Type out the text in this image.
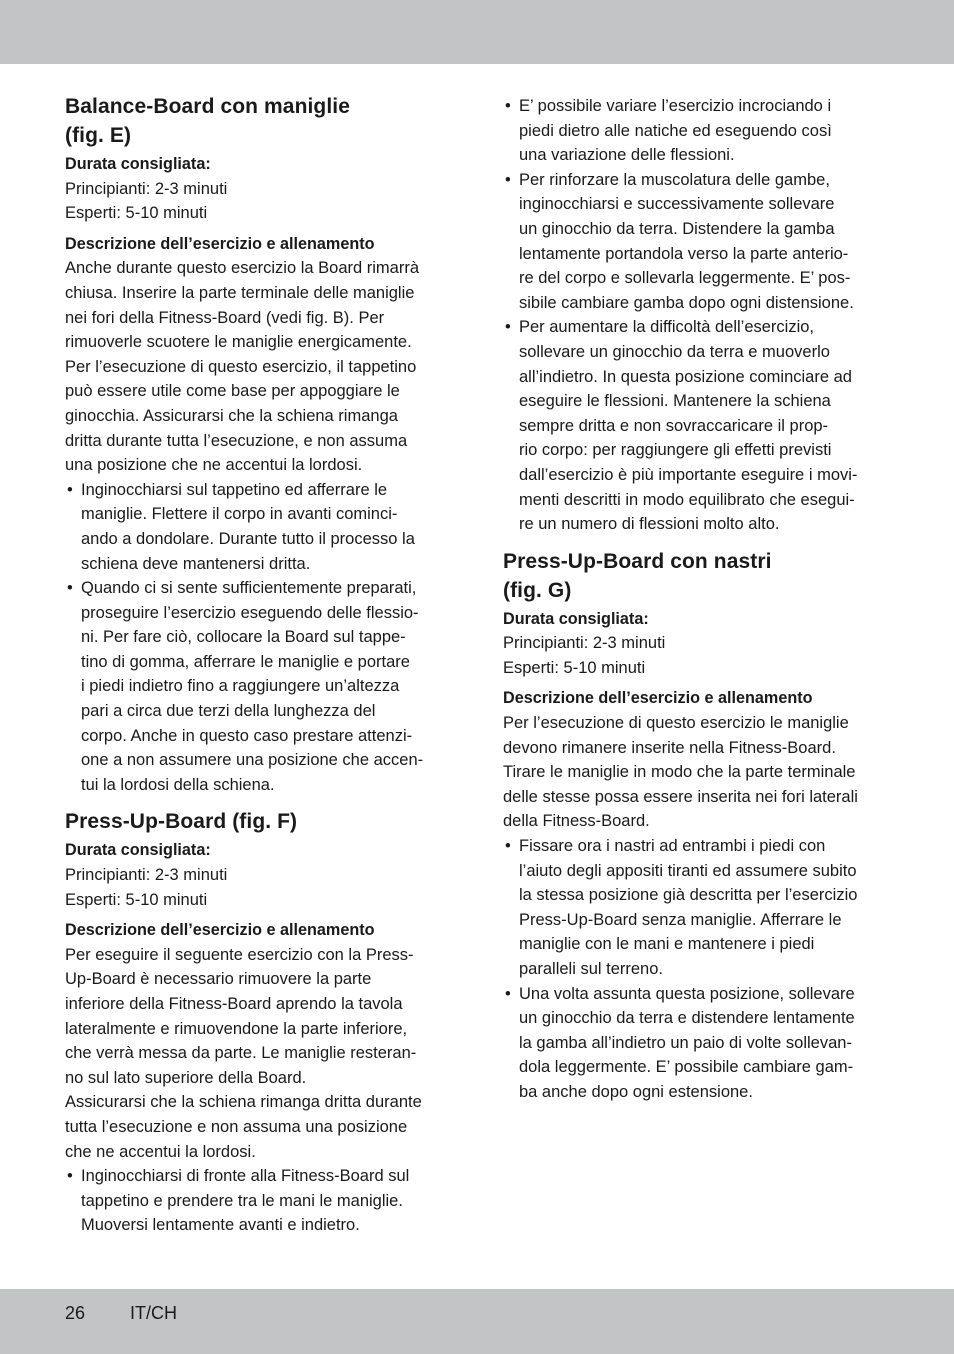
Balance-Board con maniglie
(fig. E)
Durata consigliata:

Principianti: 2-3 minuti

Esperti: 5-10 minuti

Descrizione dell’esercizio e allenamento
Anche durante questo esercizio la Board rimarrà
chiusa. Inserire la parte terminale delle maniglie
nei fori della Fitness-Board (vedi fig. B). Per
rimuoverle scuotere le maniglie energicamente.
Per l’esecuzione di questo esercizio, il tappetino
può essere utile come base per appoggiare le
ginocchia. Assicurarsi che la schiena rimanga
dritta durante tutta l’esecuzione, e non assuma
una posizione che ne accentui la lordosi.
• Inginocchiarsi sul tappetino ed afferrare le
maniglie. Flettere il corpo in avanti cominci-
ando a dondolare. Durante tutto il processo la
schiena deve mantenersi dritta.
• Quando ci si sente sufficientemente preparati,
proseguire l’esercizio eseguendo delle flessio-
ni. Per fare ciò, collocare la Board sul tappe-
tino di gomma, afferrare le maniglie e portare
i piedi indietro fino a raggiungere un’altezza
pari a circa due terzi della lunghezza del
corpo. Anche in questo caso prestare attenzi-
one a non assumere una posizione che accen-
tui la lordosi della schiena.
Press-Up-Board (fig. F)
Durata consigliata:

Principianti: 2-3 minuti

Esperti: 5-10 minuti

Descrizione dell’esercizio e allenamento
Per eseguire il seguente esercizio con la Press-
Up-Board è necessario rimuovere la parte
inferiore della Fitness-Board aprendo la tavola
lateralmente e rimuovendone la parte inferiore,
che verrà messa da parte. Le maniglie resteran-
no sul lato superiore della Board.
Assicurarsi che la schiena rimanga dritta durante
tutta l’esecuzione e non assuma una posizione
che ne accentui la lordosi.
• Inginocchiarsi di fronte alla Fitness-Board sul
tappetino e prendere tra le mani le maniglie.
Muoversi lentamente avanti e indietro.
• E’ possibile variare l’esercizio incrociando i
piedi dietro alle natiche ed eseguendo così
una variazione delle flessioni.
• Per rinforzare la muscolatura delle gambe,
inginocchiarsi e successivamente sollevare
un ginocchio da terra. Distendere la gamba
lentamente portandola verso la parte anterio-
re del corpo e sollevarla leggermente. E’ pos-
sibile cambiare gamba dopo ogni distensione.
• Per aumentare la difficoltà dell’esercizio,
sollevare un ginocchio da terra e muoverlo
all’indietro. In questa posizione cominciare ad
eseguire le flessioni. Mantenere la schiena
sempre dritta e non sovraccaricare il prop-
rio corpo: per raggiungere gli effetti previsti
dall’esercizio è più importante eseguire i movi-
menti descritti in modo equilibrato che esegui-
re un numero di flessioni molto alto.
Press-Up-Board con nastri
(fig. G)
Durata consigliata:

Principianti: 2-3 minuti

Esperti: 5-10 minuti

Descrizione dell’esercizio e allenamento
Per l’esecuzione di questo esercizio le maniglie
devono rimanere inserite nella Fitness-Board.
Tirare le maniglie in modo che la parte terminale
delle stesse possa essere inserita nei fori laterali
della Fitness-Board.
• Fissare ora i nastri ad entrambi i piedi con
l’aiuto degli appositi tiranti ed assumere subito
la stessa posizione già descritta per l’esercizio
Press-Up-Board senza maniglie. Afferrare le
maniglie con le mani e mantenere i piedi
paralleli sul terreno.
• Una volta assunta questa posizione, sollevare
un ginocchio da terra e distendere lentamente
la gamba all’indietro un paio di volte sollevan-
dola leggermente. E’ possibile cambiare gam-
ba anche dopo ogni estensione.
26 IT/CH
